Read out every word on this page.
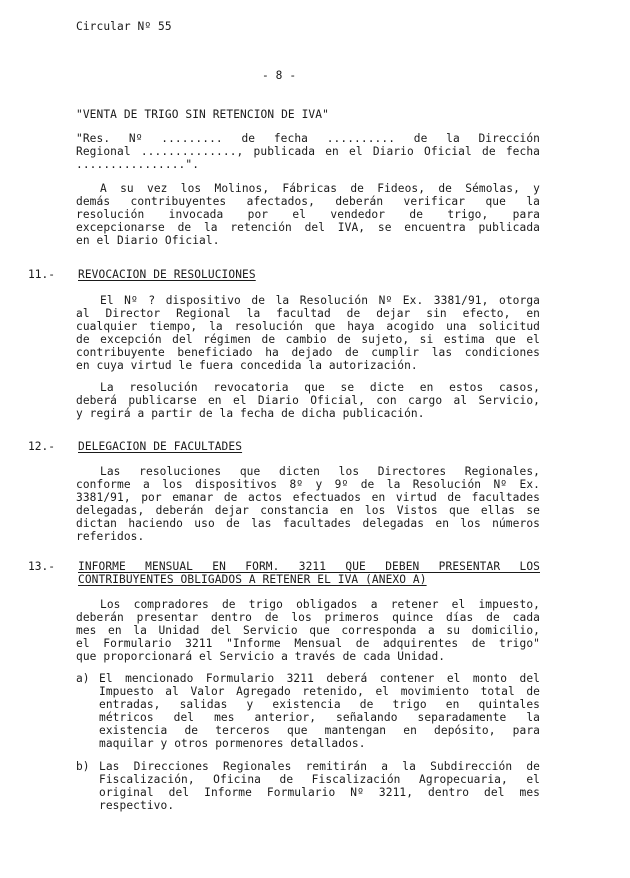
Circular Nº 55
- 8 -
"VENTA DE TRIGO SIN RETENCION DE IVA"
"Res. Nº ......... de fecha .......... de la Dirección
Regional .............., publicada en el Diario Oficial de fecha
................".
A su vez los Molinos, Fábricas de Fideos, de Sémolas, y
demás contribuyentes afectados, deberán verificar que la
resolución invocada por el vendedor de trigo, para
excepcionarse de la retención del IVA, se encuentra publicada
en el Diario Oficial.
11.- REVOCACION DE RESOLUCIONES
El Nº ? dispositivo de la Resolución Nº Ex. 3381/91, otorga
al Director Regional la facultad de dejar sin efecto, en
cualquier tiempo, la resolución que haya acogido una solicitud
de excepción del régimen de cambio de sujeto, si estima que el
contribuyente beneficiado ha dejado de cumplir las condiciones
en cuya virtud le fuera concedida la autorización.
La resolución revocatoria que se dicte en estos casos,
deberá publicarse en el Diario Oficial, con cargo al Servicio,
y regirá a partir de la fecha de dicha publicación.
12.- DELEGACION DE FACULTADES
Las resoluciones que dicten los Directores Regionales,
conforme a los dispositivos 8º y 9º de la Resolución Nº Ex.
3381/91, por emanar de actos efectuados en virtud de facultades
delegadas, deberán dejar constancia en los Vistos que ellas se
dictan haciendo uso de las facultades delegadas en los números
referidos.
13.- INFORME MENSUAL EN FORM. 3211 QUE DEBEN PRESENTAR LOS
CONTRIBUYENTES OBLIGADOS A RETENER EL IVA (ANEXO A)
Los compradores de trigo obligados a retener el impuesto,
deberán presentar dentro de los primeros quince días de cada
mes en la Unidad del Servicio que corresponda a su domicilio,
el Formulario 3211 "Informe Mensual de adquirentes de trigo"
que proporcionará el Servicio a través de cada Unidad.
a) El mencionado Formulario 3211 deberá contener el monto del
Impuesto al Valor Agregado retenido, el movimiento total de
entradas, salidas y existencia de trigo en quintales
métricos del mes anterior, señalando separadamente la
existencia de terceros que mantengan en depósito, para
maquilar y otros pormenores detallados.
b) Las Direcciones Regionales remitirán a la Subdirección de
Fiscalización, Oficina de Fiscalización Agropecuaria, el
original del Informe Formulario Nº 3211, dentro del mes
respectivo.
